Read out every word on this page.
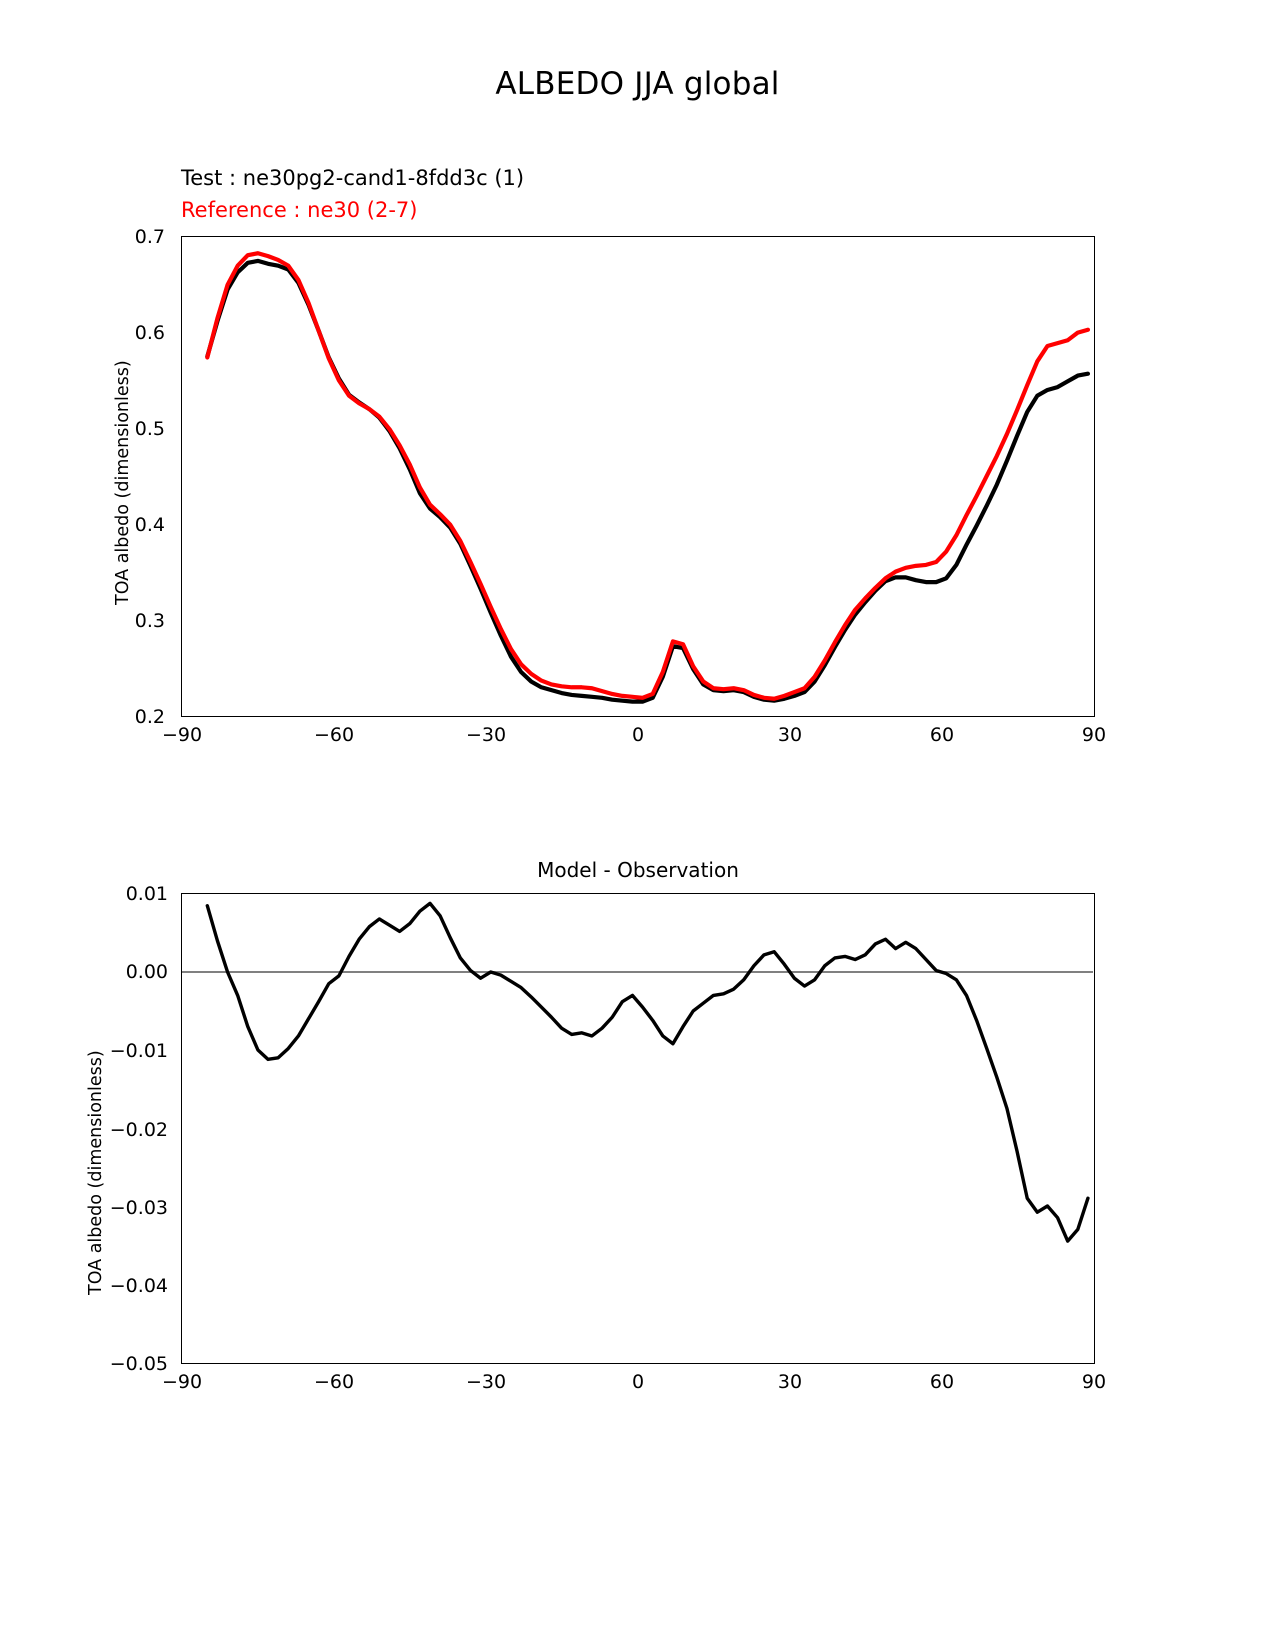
ALBEDO JJA global
Test : ne30pg2-cand1-8fdd3c (1)
Reference : ne30 (2-7)
TOA albedo (dimensionless)
0.2
0.3
0.4
0.5
0.6
0.7
−90	−60	−30	0	30	60	90
Model - Observation
TOA albedo (dimensionless)
−0.05
−0.04
−0.03
−0.02
−0.01
0.00
0.01
−90	−60	−30	0	30	60	90
